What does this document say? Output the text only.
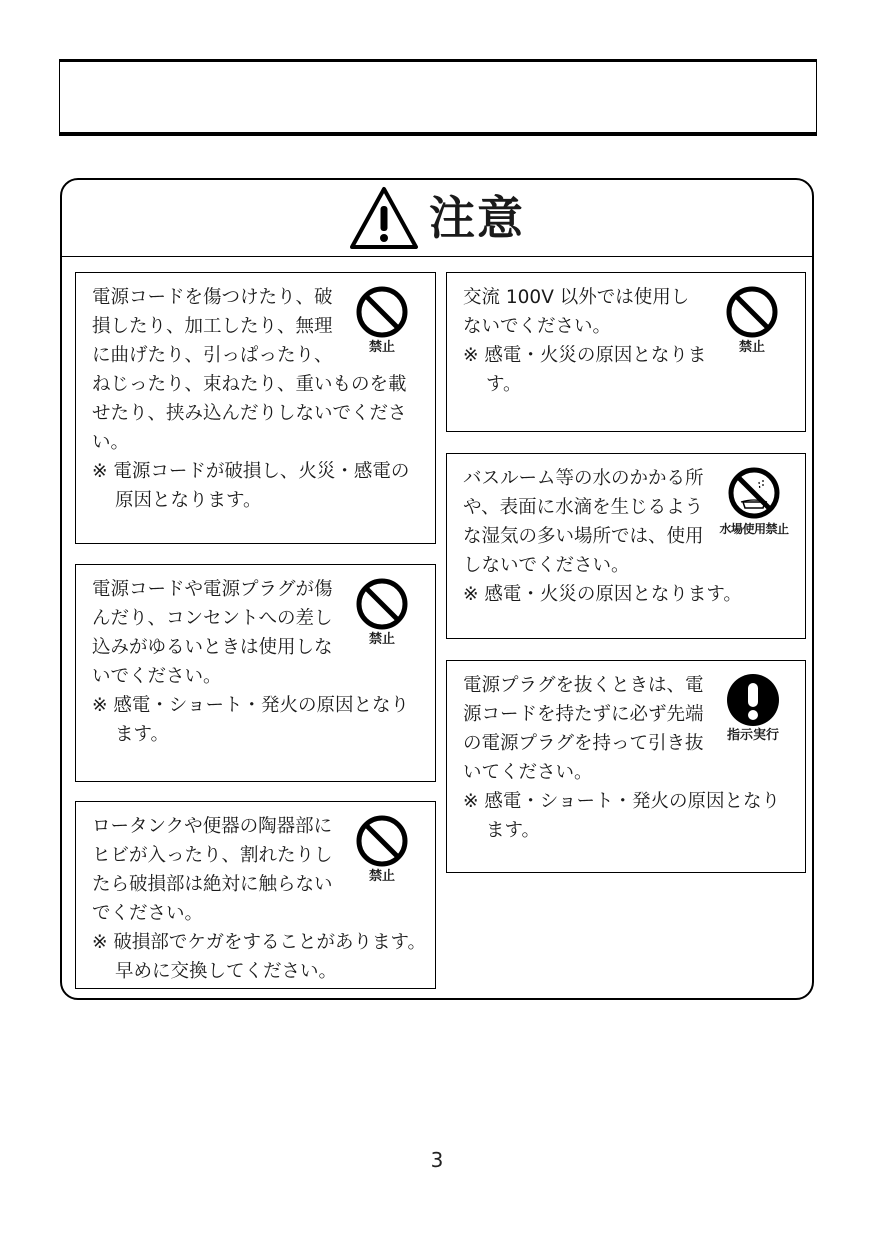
注意
電源コードを傷つけたり、破
損したり、加工したり、無理
に曲げたり、引っぱったり、
ねじったり、束ねたり、重いものを載
せたり、挟み込んだりしないでくださ
い。
※ 電源コードが破損し、火災・感電の
原因となります。
禁止
電源コードや電源プラグが傷
んだり、コンセントへの差し
込みがゆるいときは使用しな
いでください。
※ 感電・ショート・発火の原因となり
ます。
禁止
ロータンクや便器の陶器部に
ヒビが入ったり、割れたりし
たら破損部は絶対に触らない
でください。
※ 破損部でケガをすることがあります。
早めに交換してください。
禁止
交流 100V 以外では使用し
ないでください。
※ 感電・火災の原因となりま
す。
禁止
バスルーム等の水のかかる所
や、表面に水滴を生じるよう
な湿気の多い場所では、使用
しないでください。
※ 感電・火災の原因となります。
水場使用禁止
電源プラグを抜くときは、電
源コードを持たずに必ず先端
の電源プラグを持って引き抜
いてください。
※ 感電・ショート・発火の原因となり
ます。
指示実行
3
